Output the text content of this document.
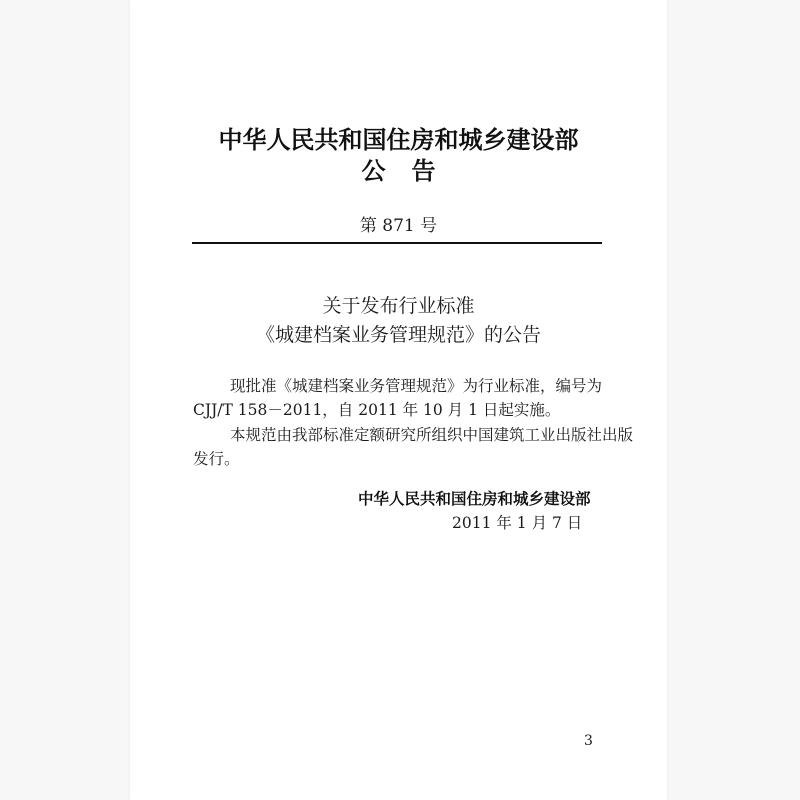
中华人民共和国住房和城乡建设部
公告
第 871 号
关于发布行业标准
《城建档案业务管理规范》的公告
现批准《城建档案业务管理规范》为行业标准，编号为
CJJ/T 158－2011，自 2011 年 10 月 1 日起实施。
本规范由我部标准定额研究所组织中国建筑工业出版社出版
发行。
中华人民共和国住房和城乡建设部
2011 年 1 月 7 日
3
